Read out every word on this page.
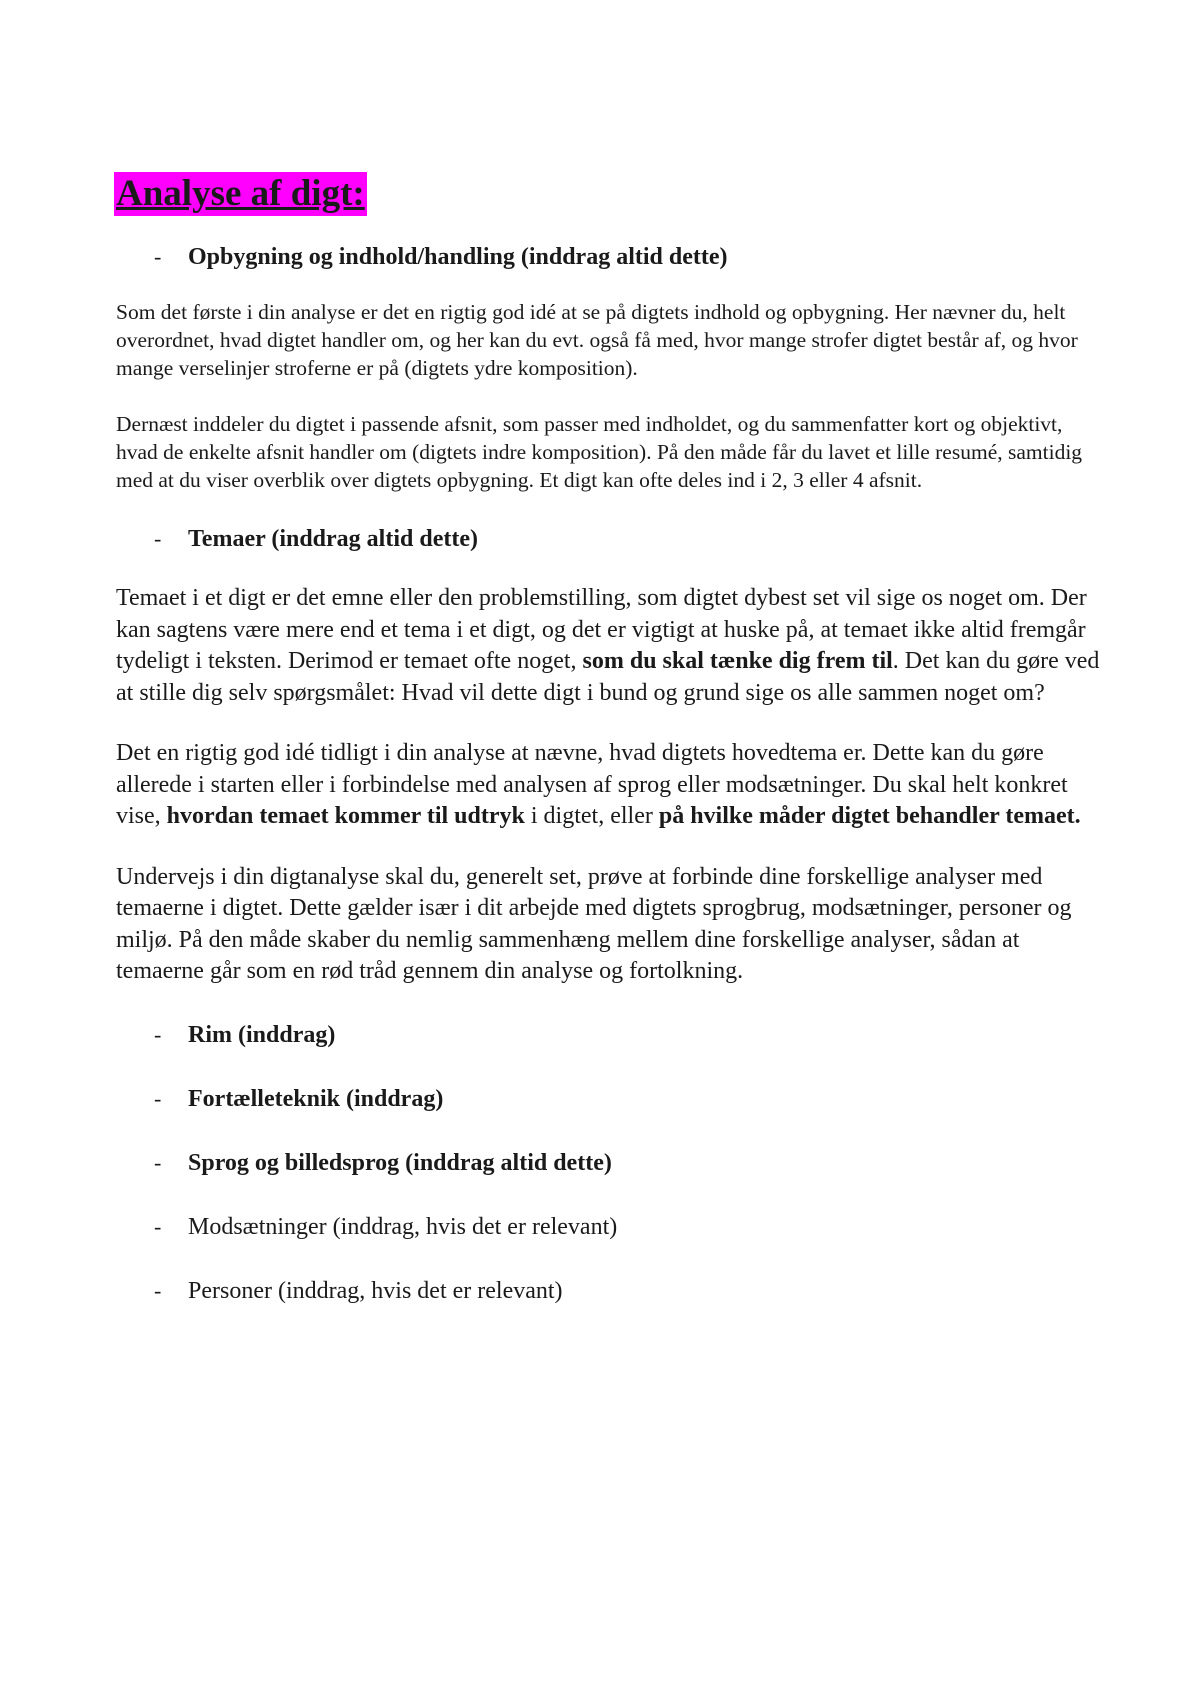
Analyse af digt:
-	Opbygning og indhold/handling (inddrag altid dette)

Som det første i din analyse er det en rigtig god idé at se på digtets indhold og opbygning. Her nævner du, helt overordnet, hvad digtet handler om, og her kan du evt. også få med, hvor mange strofer digtet består af, og hvor mange verselinjer stroferne er på (digtets ydre komposition).

Dernæst inddeler du digtet i passende afsnit, som passer med indholdet, og du sammenfatter kort og objektivt, hvad de enkelte afsnit handler om (digtets indre komposition). På den måde får du lavet et lille resumé, samtidig med at du viser overblik over digtets opbygning. Et digt kan ofte deles ind i 2, 3 eller 4 afsnit.

-	Temaer (inddrag altid dette)

Temaet i et digt er det emne eller den problemstilling, som digtet dybest set vil sige os noget om. Der kan sagtens være mere end et tema i et digt, og det er vigtigt at huske på, at temaet ikke altid fremgår tydeligt i teksten. Derimod er temaet ofte noget, som du skal tænke dig frem til. Det kan du gøre ved at stille dig selv spørgsmålet: Hvad vil dette digt i bund og grund sige os alle sammen noget om?

Det en rigtig god idé tidligt i din analyse at nævne, hvad digtets hovedtema er. Dette kan du gøre allerede i starten eller i forbindelse med analysen af sprog eller modsætninger. Du skal helt konkret vise, hvordan temaet kommer til udtryk i digtet, eller på hvilke måder digtet behandler temaet.

Undervejs i din digtanalyse skal du, generelt set, prøve at forbinde dine forskellige analyser med temaerne i digtet. Dette gælder især i dit arbejde med digtets sprogbrug, modsætninger, personer og miljø. På den måde skaber du nemlig sammenhæng mellem dine forskellige analyser, sådan at temaerne går som en rød tråd gennem din analyse og fortolkning.

-	Rim (inddrag)
-	Fortælleteknik (inddrag)
-	Sprog og billedsprog (inddrag altid dette)
-	Modsætninger (inddrag, hvis det er relevant)
-	Personer (inddrag, hvis det er relevant)
